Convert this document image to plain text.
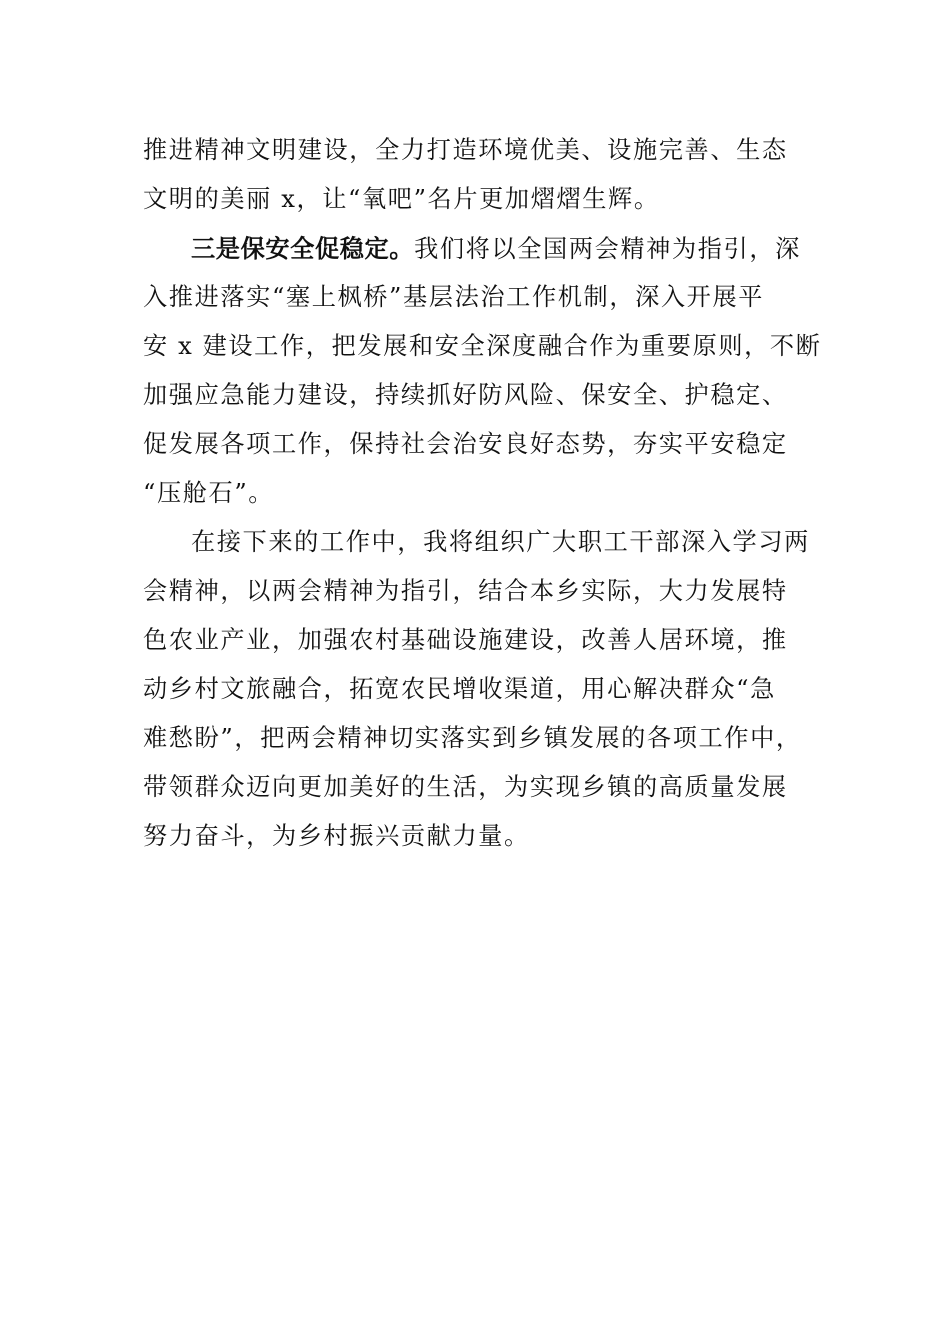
推进精神文明建设，全力打造环境优美、设施完善、生态
文明的美丽 x，让“氧吧”名片更加熠熠生辉。
三是保安全促稳定。我们将以全国两会精神为指引，深
入推进落实“塞上枫桥”基层法治工作机制，深入开展平
安 x 建设工作，把发展和安全深度融合作为重要原则，不断
加强应急能力建设，持续抓好防风险、保安全、护稳定、
促发展各项工作，保持社会治安良好态势，夯实平安稳定
“压舱石”。
在接下来的工作中，我将组织广大职工干部深入学习两
会精神，以两会精神为指引，结合本乡实际，大力发展特
色农业产业，加强农村基础设施建设，改善人居环境，推
动乡村文旅融合，拓宽农民增收渠道，用心解决群众“急
难愁盼”，把两会精神切实落实到乡镇发展的各项工作中，
带领群众迈向更加美好的生活，为实现乡镇的高质量发展
努力奋斗，为乡村振兴贡献力量。
